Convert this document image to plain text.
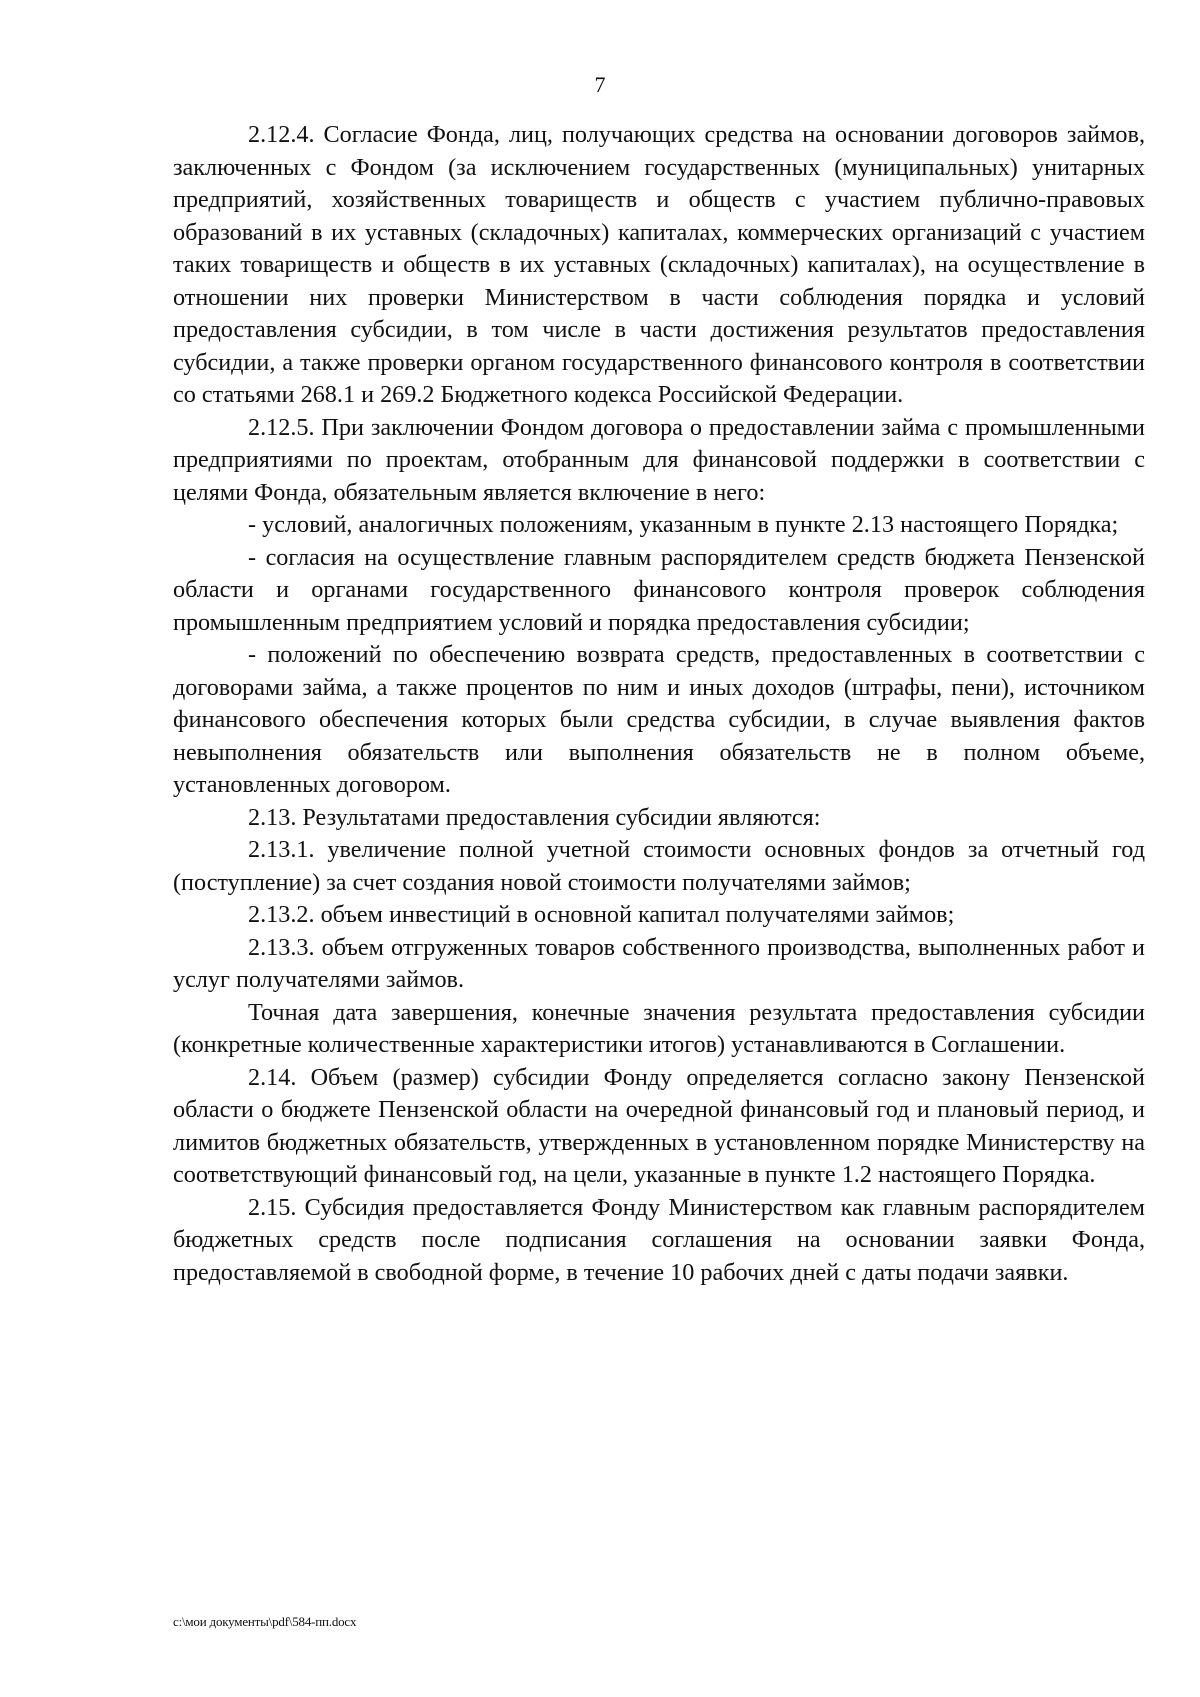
7

2.12.4. Согласие Фонда, лиц, получающих средства на основании договоров займов, заключенных с Фондом (за исключением государственных (муниципальных) унитарных предприятий, хозяйственных товариществ и обществ с участием публично-правовых образований в их уставных (складочных) капиталах, коммерческих организаций с участием таких товариществ и обществ в их уставных (складочных) капиталах), на осуществление в отношении них проверки Министерством в части соблюдения порядка и условий предоставления субсидии, в том числе в части достижения результатов предоставления субсидии, а также проверки органом государственного финансового контроля в соответствии со статьями 268.1 и 269.2 Бюджетного кодекса Российской Федерации.

2.12.5. При заключении Фондом договора о предоставлении займа с промышленными предприятиями по проектам, отобранным для финансовой поддержки в соответствии с целями Фонда, обязательным является включение в него:

- условий, аналогичных положениям, указанным в пункте 2.13 настоящего Порядка;

- согласия на осуществление главным распорядителем средств бюджета Пензенской области и органами государственного финансового контроля проверок соблюдения промышленным предприятием условий и порядка предоставления субсидии;

- положений по обеспечению возврата средств, предоставленных в соответствии с договорами займа, а также процентов по ним и иных доходов (штрафы, пени), источником финансового обеспечения которых были средства субсидии, в случае выявления фактов невыполнения обязательств или выполнения обязательств не в полном объеме, установленных договором.

2.13. Результатами предоставления субсидии являются:

2.13.1. увеличение полной учетной стоимости основных фондов за отчетный год (поступление) за счет создания новой стоимости получателями займов;

2.13.2. объем инвестиций в основной капитал получателями займов;

2.13.3. объем отгруженных товаров собственного производства, выполненных работ и услуг получателями займов.

Точная дата завершения, конечные значения результата предоставления субсидии (конкретные количественные характеристики итогов) устанавливаются в Соглашении.

2.14. Объем (размер) субсидии Фонду определяется согласно закону Пензенской области о бюджете Пензенской области на очередной финансовый год и плановый период, и лимитов бюджетных обязательств, утвержденных в установленном порядке Министерству на соответствующий финансовый год, на цели, указанные в пункте 1.2 настоящего Порядка.

2.15. Субсидия предоставляется Фонду Министерством как главным распорядителем бюджетных средств после подписания соглашения на основании заявки Фонда, предоставляемой в свободной форме, в течение 10 рабочих дней с даты подачи заявки.

c:\мои документы\pdf\584-пп.docx
